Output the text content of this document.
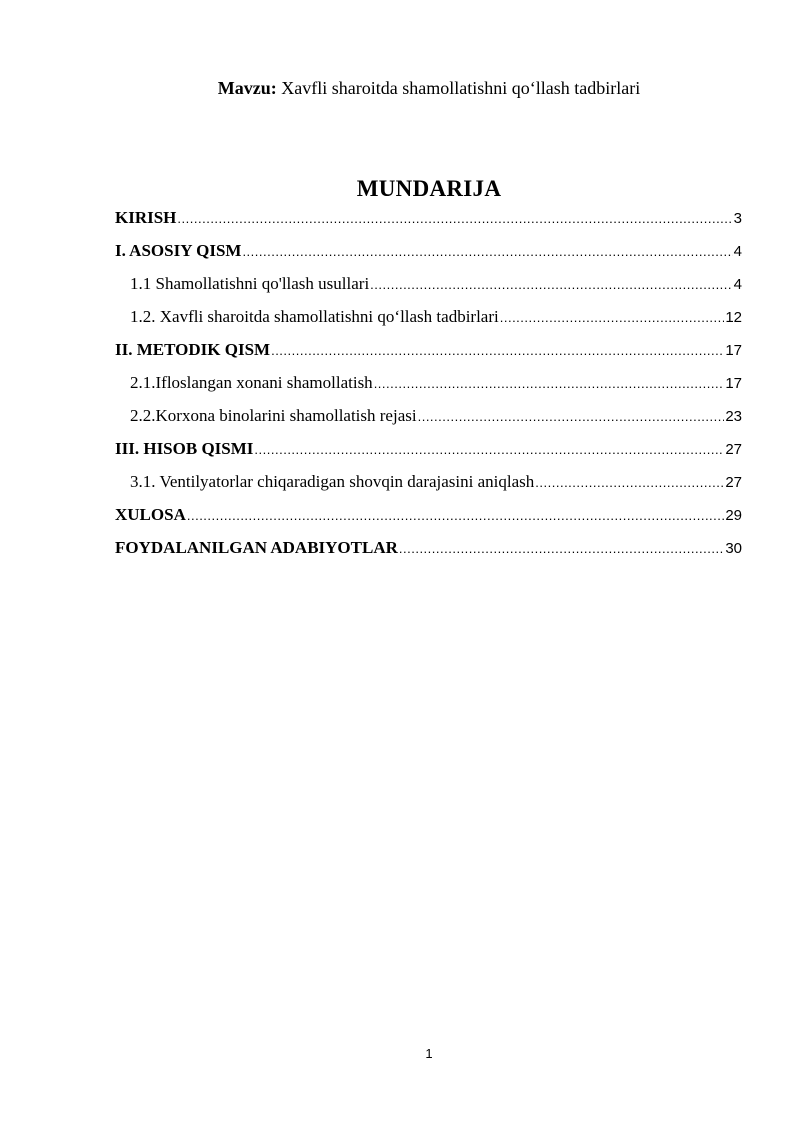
Mavzu: Xavfli sharoitda shamollatishni qo‘llash tadbirlari
MUNDARIJA
KIRISH .....	3
I. ASOSIY QISM .....	4
1.1 Shamollatishni qo'llash usullari .....	4
1.2. Xavfli sharoitda shamollatishni qo‘llash tadbirlari .....	12
II. METODIK QISM .....	17
2.1.Ifloslangan xonani shamollatish .....	17
2.2.Korxona binolarini shamollatish rejasi .....	23
III. HISOB QISMI .....	27
3.1. Ventilyatorlar chiqaradigan shovqin darajasini aniqlash .....	27
XULOSA .....	29
FOYDALANILGAN ADABIYOTLAR .....	30
1
